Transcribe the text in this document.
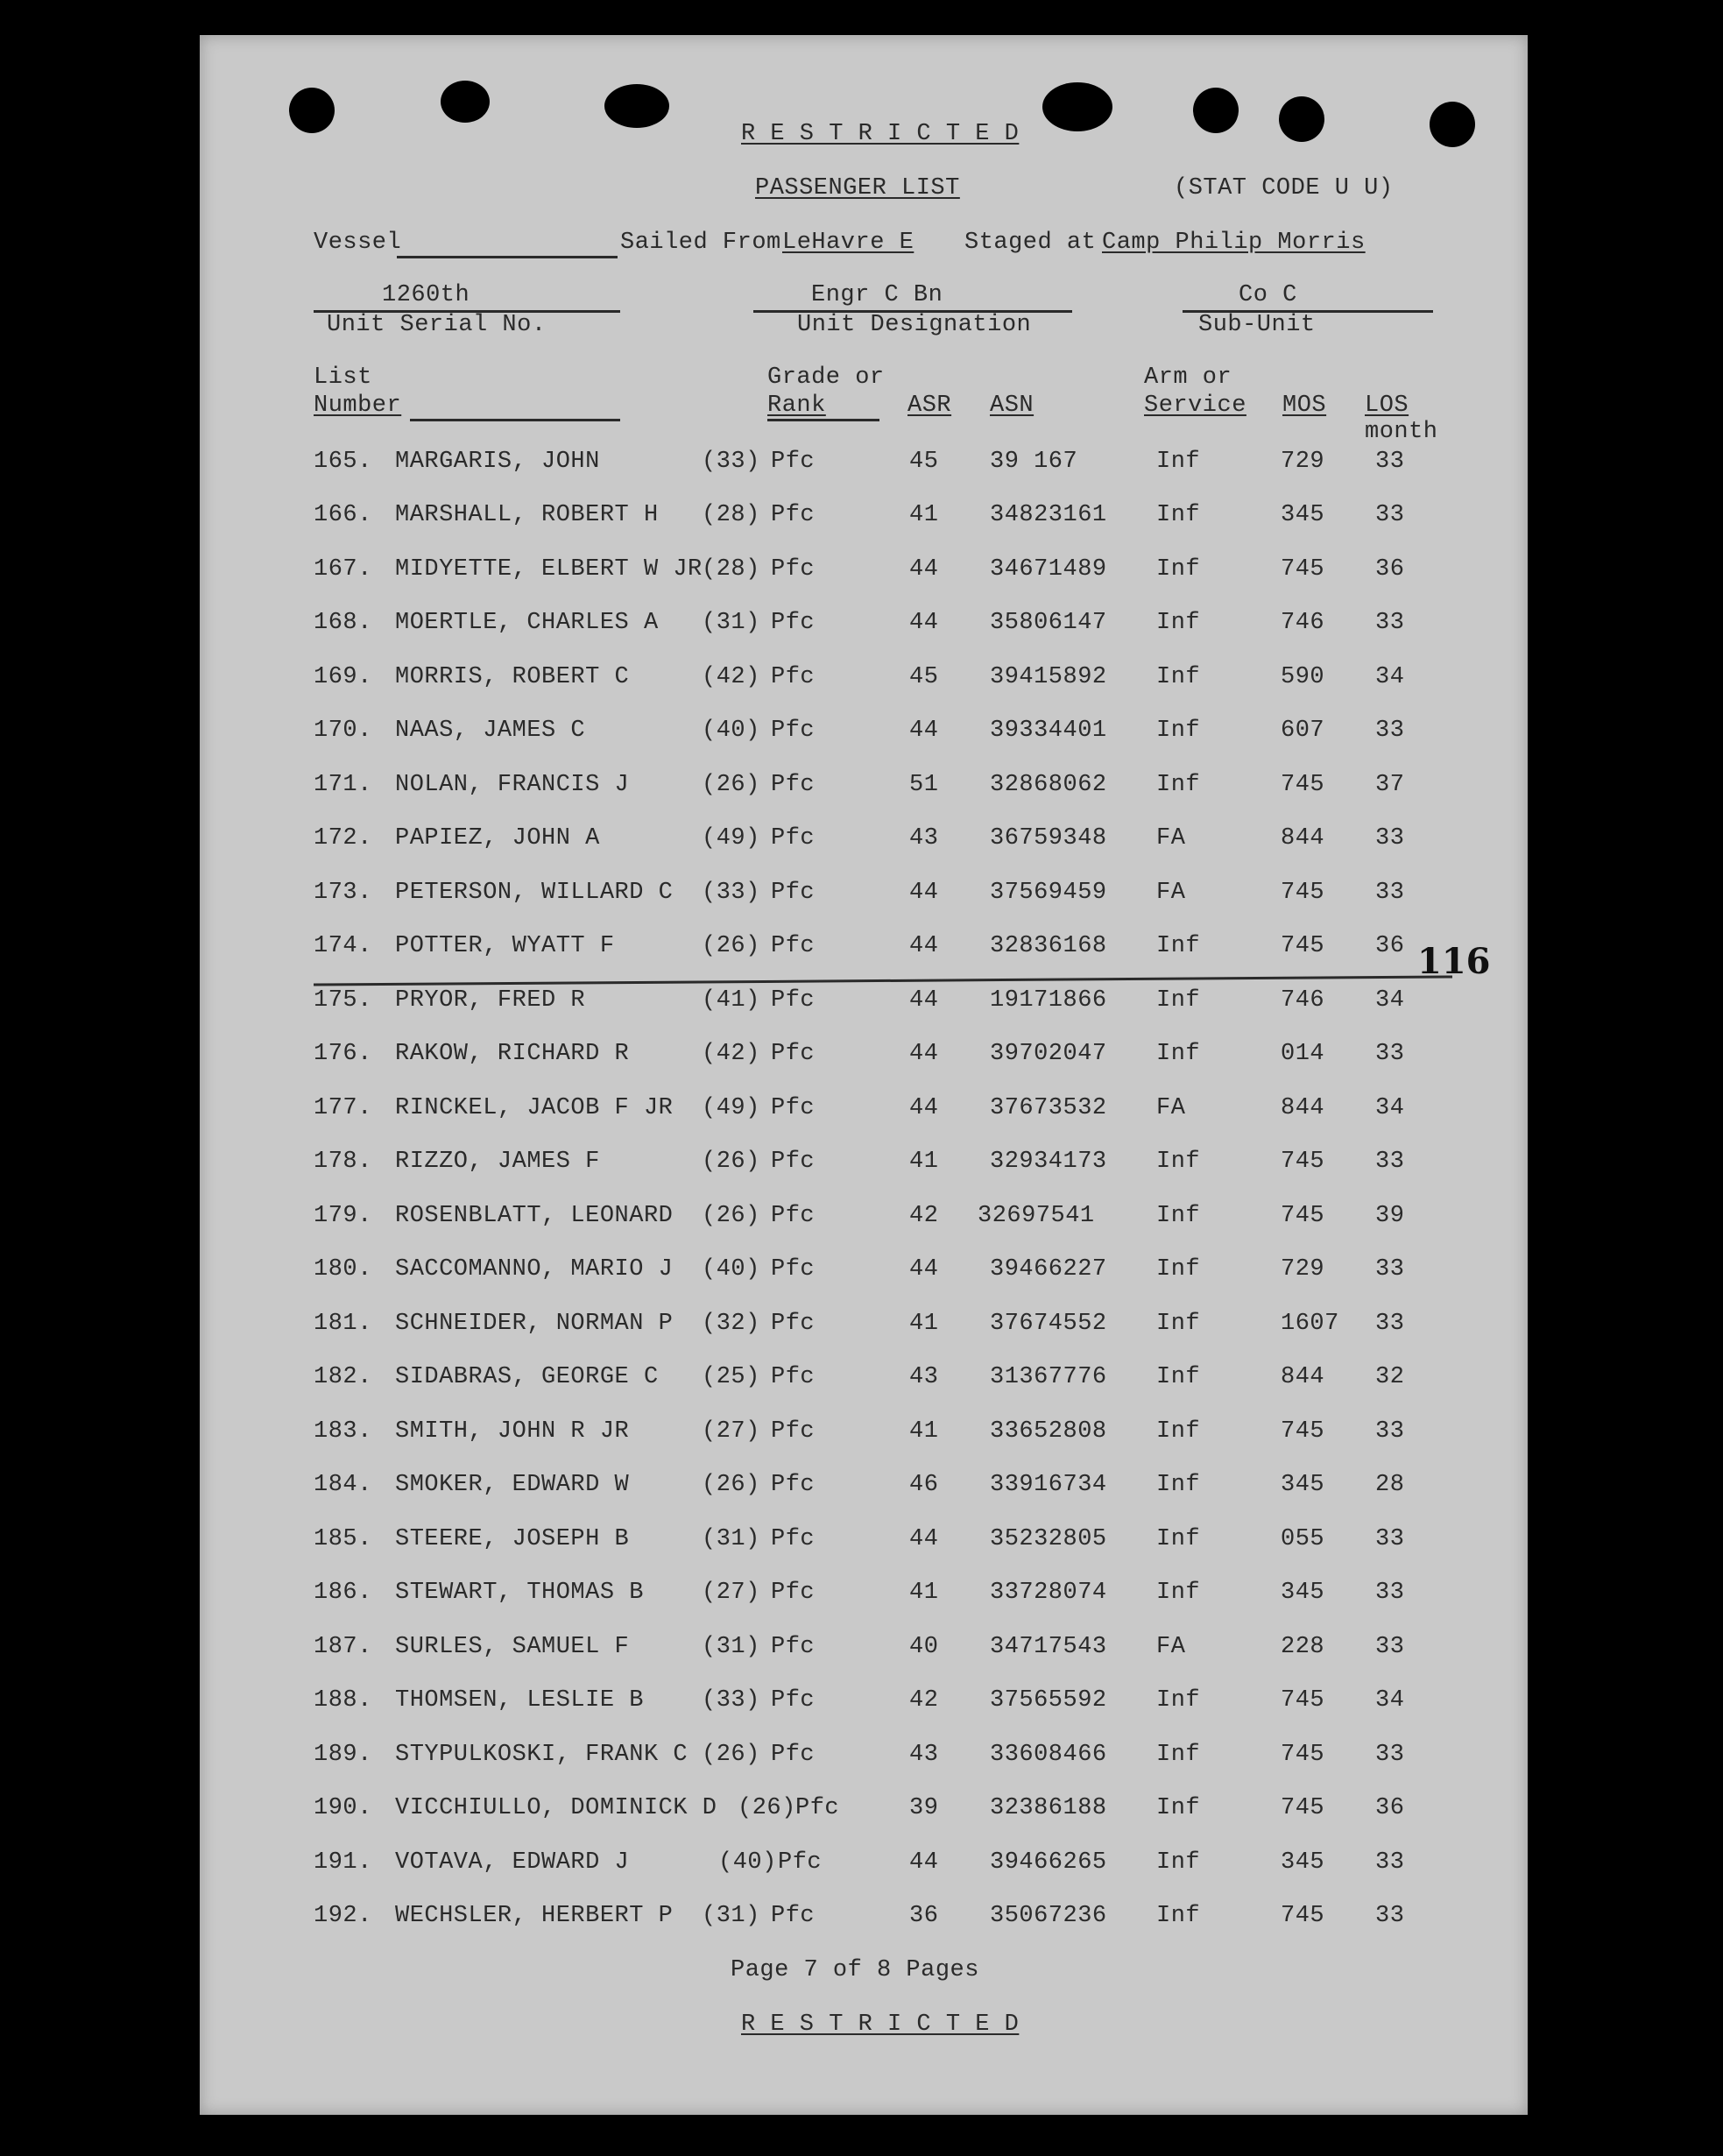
R E S T R I C T E D
PASSENGER LIST	(STAT CODE U U)
Vessel	Sailed From LeHavre E Staged at Camp Philip Morris
1260th
Unit Serial No.
Engr C Bn
Unit Designation
Co C
Sub-Unit
List
Number
Grade or
Rank	ASR ASN
Arm or
Service MOS LOS
month
165. MARGARIS, JOHN	(33) Pfc	45 39 167	Inf	729 33
166. MARSHALL, ROBERT H (28) Pfc	41 34823161 Inf	345 33
167. MIDYETTE, ELBERT W JR (28) Pfc	44 34671489 Inf	745 36
168. MOERTLE, CHARLES A (31) Pfc	44 35806147 Inf	746 33
169. MORRIS, ROBERT C	(42) Pfc	45 39415892 Inf	590 34
170. NAAS, JAMES C	(40) Pfc	44 39334401 Inf	607 33
171. NOLAN, FRANCIS J	(26) Pfc	51 32868062 Inf	745 37
172. PAPIEZ, JOHN A	(49) Pfc	43 36759348 FA	844 33
173. PETERSON, WILLARD C (33) Pfc	44 37569459 FA	745 33
174. POTTER, WYATT F	(26) Pfc	44 32836168 Inf	745 36
175. PRYOR, FRED R	(41) Pfc	44 19171866 Inf	746 34
176. RAKOW, RICHARD R	(42) Pfc	44 39702047 Inf	014 33
177. RINCKEL, JACOB F JR (49) Pfc	44 37673532 FA	844 34
178. RIZZO, JAMES F	(26) Pfc	41 32934173 Inf	745 33
179. ROSENBLATT, LEONARD (26) Pfc	42 32697541	Inf	745 39
180. SACCOMANNO, MARIO J (40) Pfc	44 39466227 Inf	729 33
181. SCHNEIDER, NORMAN P (32) Pfc	41 37674552 Inf	1607 33
182. SIDABRAS, GEORGE C (25) Pfc	43 31367776 Inf	844 32
183. SMITH, JOHN R JR	(27) Pfc	41 33652808 Inf	745 33
184. SMOKER, EDWARD W	(26) Pfc	46 33916734 Inf	345 28
185. STEERE, JOSEPH B	(31) Pfc	44 35232805 Inf	055 33
186. STEWART, THOMAS B (27) Pfc	41 33728074 Inf	345 33
187. SURLES, SAMUEL F	(31) Pfc	40 34717543 FA	228 33
188. THOMSEN, LESLIE B (33) Pfc	42 37565592 Inf	745 34
189. STYPULKOSKI, FRANK C (26) Pfc	43 33608466 Inf	745 33
190. VICCHIULLO, DOMINICK D (26) Pfc	39 32386188 Inf	745 36
191. VOTAVA, EDWARD J	(40) Pfc	44 39466265 Inf	345 33
192. WECHSLER, HERBERT P (31) Pfc	36 35067236 Inf	745 33
116
Page 7 of 8 Pages
R E S T R I C T E D
